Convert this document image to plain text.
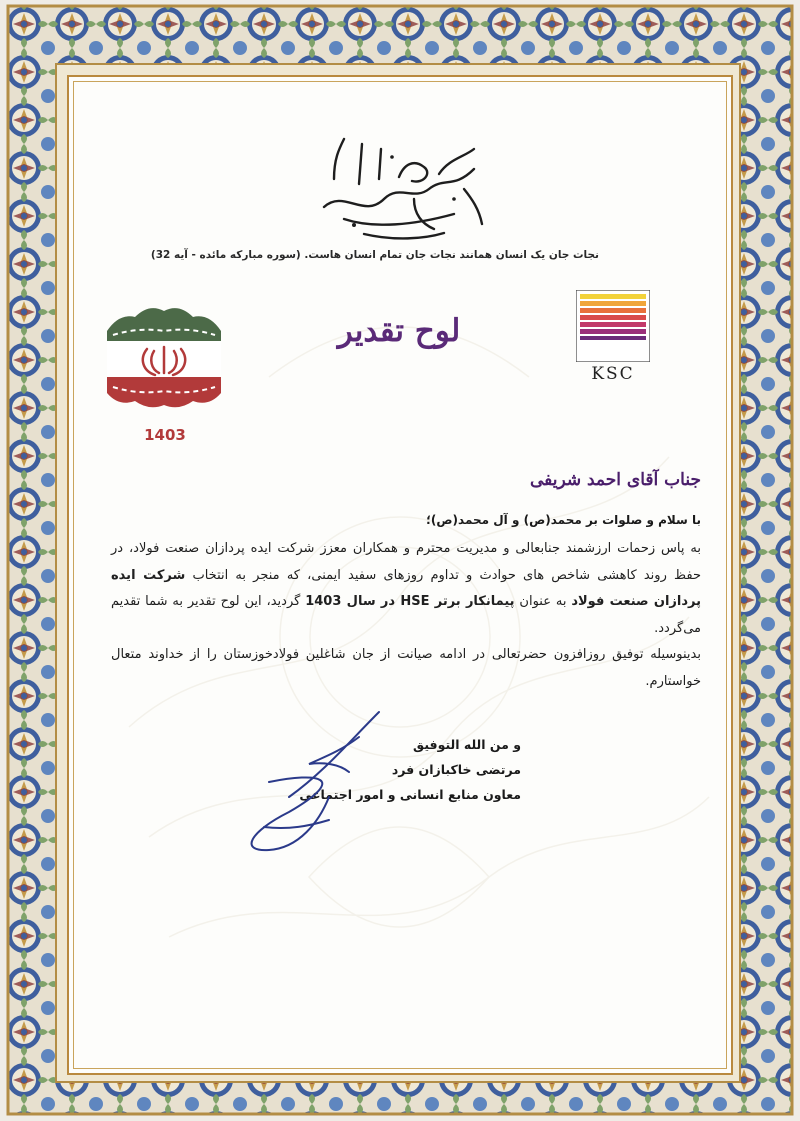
نجات جان یک انسان همانند نجات جان تمام انسان هاست. (سوره مبارکه مائده - آیه 32)
لوح تقدیر
KSC
1403
جناب آقای احمد شریفی
با سلام و صلوات بر محمد(ص) و آل محمد(ص)؛

به پاس زحمات ارزشمند جنابعالی و مدیریت محترم و همکاران معزز شرکت ایده پردازان صنعت فولاد، در حفظ روند کاهشی شاخص های حوادث و تداوم روزهای سفید ایمنی، که منجر به انتخاب شرکت ایده پردازان صنعت فولاد به عنوان پیمانکار برتر HSE در سال 1403 گردید، این لوح تقدیر به شما تقدیم می‌گردد.

بدینوسیله توفیق روزافزون حضرتعالی در ادامه صیانت از جان شاغلین فولادخوزستان را از خداوند متعال خواستارم.

و من الله التوفیق
مرتضی خاکبازان فرد
معاون منابع انسانی و امور اجتماعی
